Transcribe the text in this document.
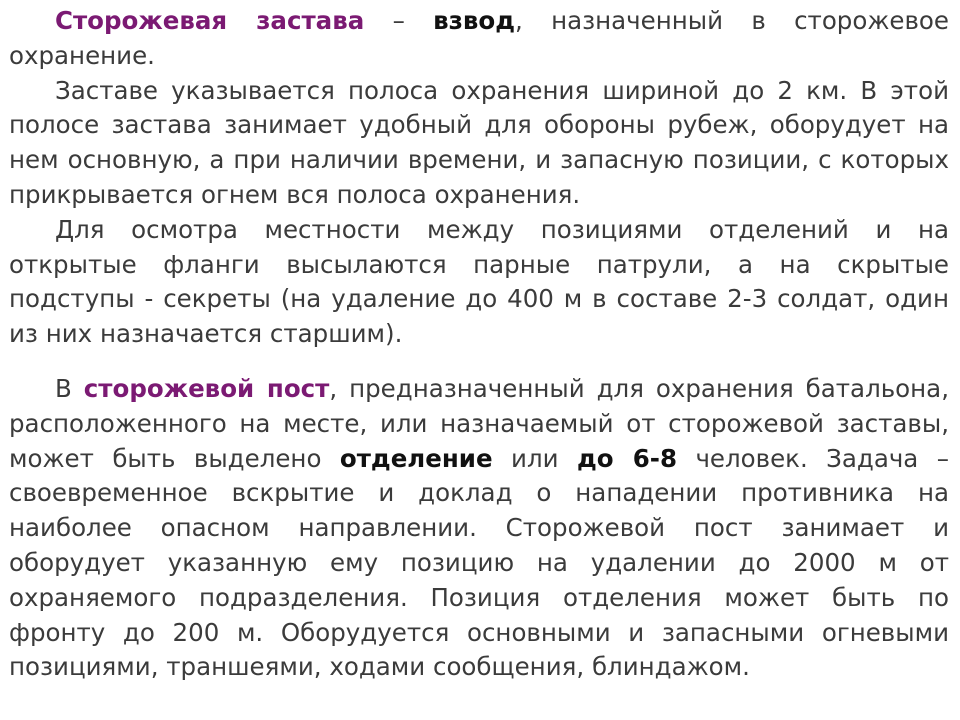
Сторожевая застава – взвод, назначенный в сторожевое охранение.

Заставе указывается полоса охранения шириной до 2 км. В этой полосе застава занимает удобный для обороны рубеж, оборудует на нем основную, а при наличии времени, и запасную позиции, с которых прикрывается огнем вся полоса охранения.

Для осмотра местности между позициями отделений и на открытые фланги высылаются парные патрули, а на скрытые подступы - секреты (на удаление до 400 м в составе 2-3 солдат, один из них назначается старшим).

В сторожевой пост, предназначенный для охранения батальона, расположенного на месте, или назначаемый от сторожевой заставы, может быть выделено отделение или до 6-8 человек. Задача – своевременное вскрытие и доклад о нападении противника на наиболее опасном направлении. Сторожевой пост занимает и оборудует указанную ему позицию на удалении до 2000 м от охраняемого подразделения. Позиция отделения может быть по фронту до 200 м. Оборудуется основными и запасными огневыми позициями, траншеями, ходами сообщения, блиндажом.
